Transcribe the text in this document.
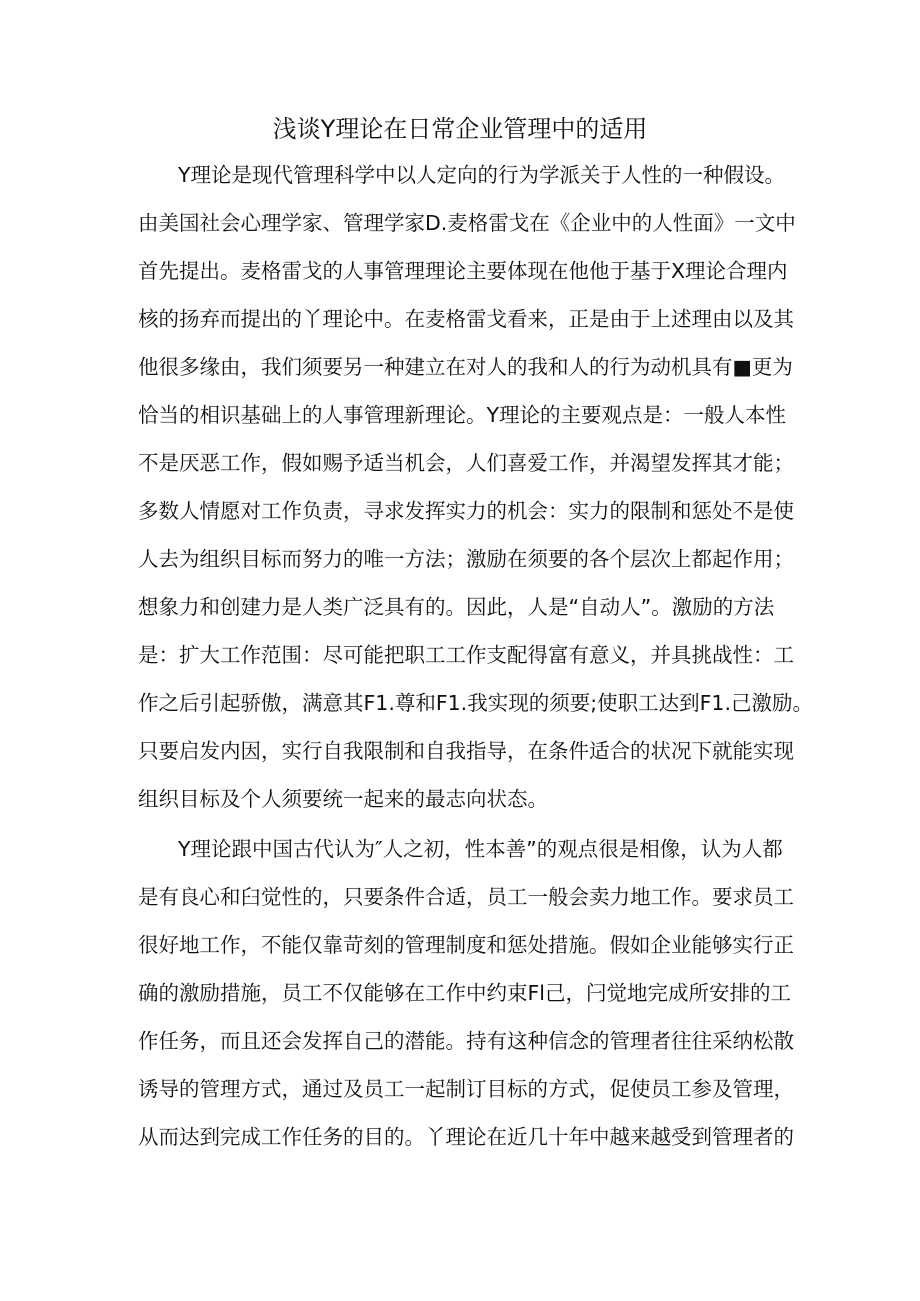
浅谈Y理论在日常企业管理中的适用
Y理论是现代管理科学中以人定向的行为学派关于人性的一种假设。
由美国社会心理学家、管理学家D.麦格雷戈在《企业中的人性面》一文中
首先提出。麦格雷戈的人事管理理论主要体现在他他于基于X理论合理内
核的扬弃而提出的丫理论中。在麦格雷戈看来，正是由于上述理由以及其
他很多缘由，我们须要另一种建立在对人的我和人的行为动机具有■更为
恰当的相识基础上的人事管理新理论。Y理论的主要观点是：一般人本性
不是厌恶工作，假如赐予适当机会，人们喜爱工作，并渴望发挥其才能；
多数人情愿对工作负责，寻求发挥实力的机会：实力的限制和惩处不是使
人去为组织目标而努力的唯一方法；激励在须要的各个层次上都起作用；
想象力和创建力是人类广泛具有的。因此，人是“自动人”。激励的方法
是：扩大工作范围：尽可能把职工工作支配得富有意义，并具挑战性：工
作之后引起骄傲，满意其F1.尊和F1.我实现的须要;使职工达到F1.己激励。
只要启发内因，实行自我限制和自我指导，在条件适合的状况下就能实现
组织目标及个人须要统一起来的最志向状态。
Y理论跟中国古代认为″人之初，性本善”的观点很是相像，认为人都
是有良心和臼觉性的，只要条件合适，员工一般会卖力地工作。要求员工
很好地工作，不能仅靠苛刻的管理制度和惩处措施。假如企业能够实行正
确的激励措施，员工不仅能够在工作中约束Fl己，闩觉地完成所安排的工
作任务，而且还会发挥自己的潜能。持有这种信念的管理者往往采纳松散
诱导的管理方式，通过及员工一起制订目标的方式，促使员工参及管理，
从而达到完成工作任务的目的。丫理论在近几十年中越来越受到管理者的
